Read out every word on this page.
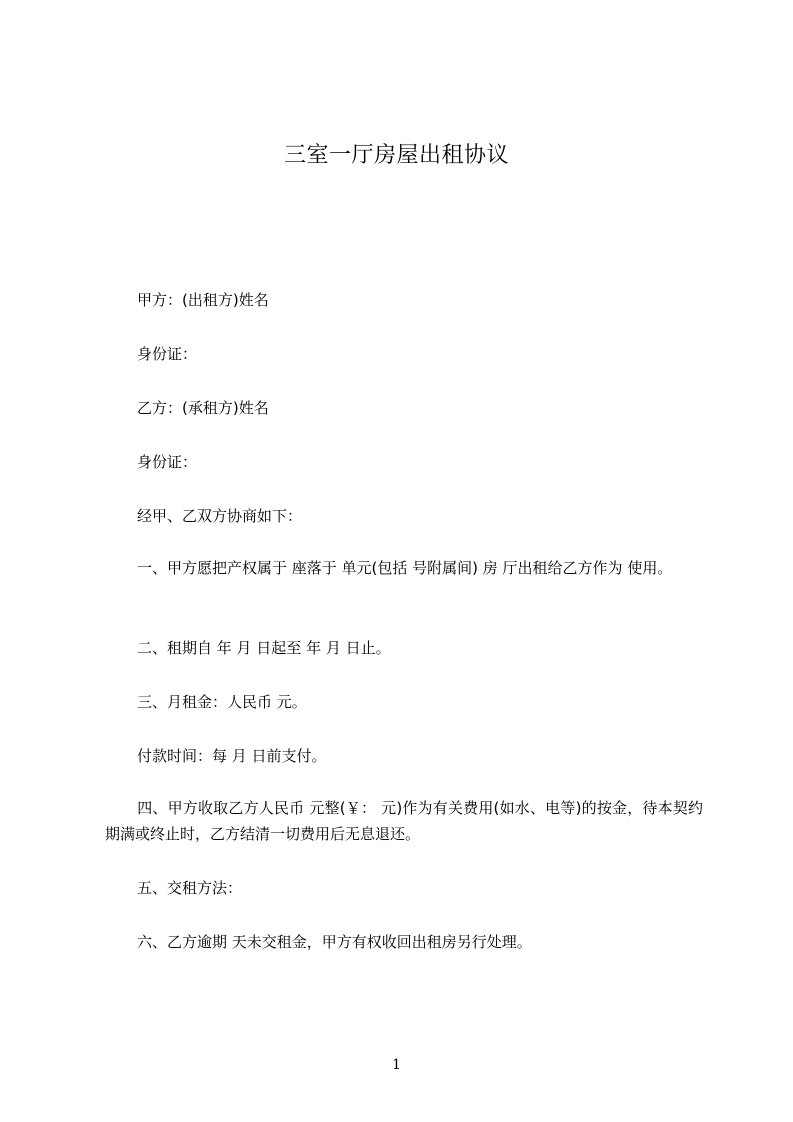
三室一厅房屋出租协议

甲方：(出租方)姓名

身份证：

乙方：(承租方)姓名

身份证：

经甲、乙双方协商如下：

一、甲方愿把产权属于 座落于 单元(包括 号附属间) 房 厅出租给乙方作为 使用。

二、租期自 年 月 日起至 年 月 日止。

三、月租金：人民币 元。

付款时间：每 月 日前支付。

四、甲方收取乙方人民币 元整(￥： 元)作为有关费用(如水、电等)的按金，待本契约期满或终止时，乙方结清一切费用后无息退还。

五、交租方法：

六、乙方逾期 天未交租金，甲方有权收回出租房另行处理。

1
